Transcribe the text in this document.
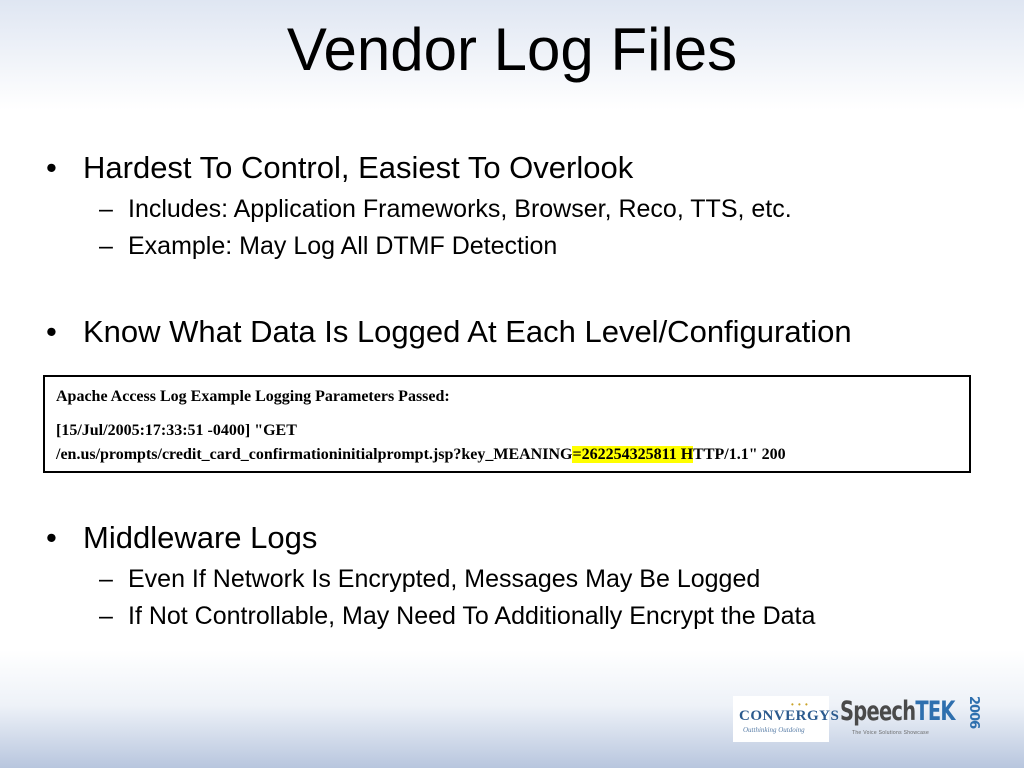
Vendor Log Files
• Hardest To Control, Easiest To Overlook
– Includes: Application Frameworks, Browser, Reco, TTS, etc.
– Example: May Log All DTMF Detection
• Know What Data Is Logged At Each Level/Configuration
• Middleware Logs
– Even If Network Is Encrypted, Messages May Be Logged
– If Not Controllable, May Need To Additionally Encrypt the Data
Apache Access Log Example Logging Parameters Passed:
[15/Jul/2005:17:33:51 -0400] "GET
/en.us/prompts/credit_card_confirmationinitialprompt.jsp?key_MEANING=262254325811 HTTP/1.1" 200
• • •
CONVERGYS
Outthinking Outdoing
SpeechTEK 2006
The Voice Solutions Showcase
